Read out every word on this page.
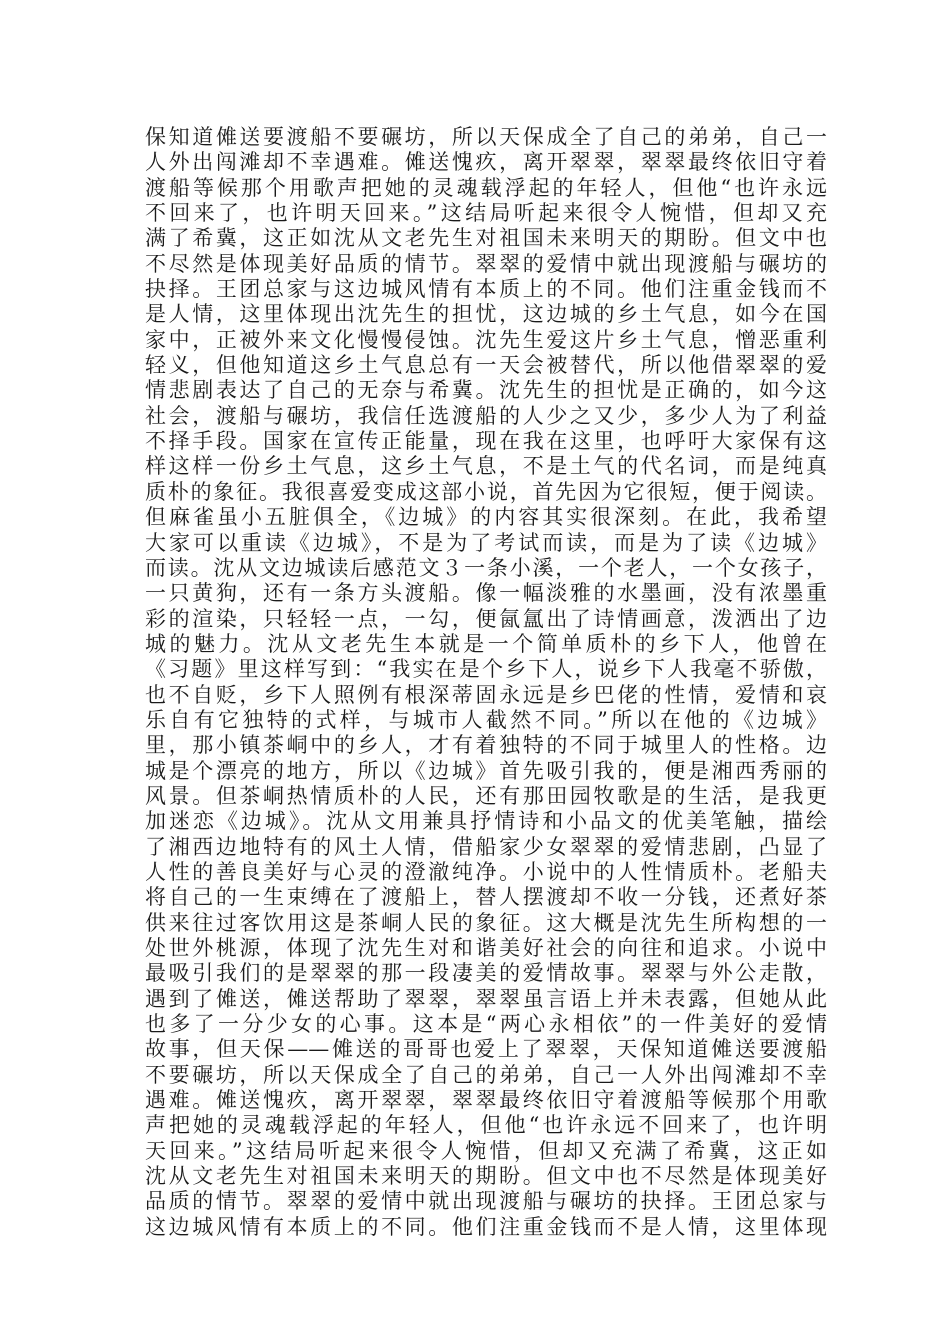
保知道傩送要渡船不要碾坊，所以天保成全了自己的弟弟，自己一
人外出闯滩却不幸遇难。傩送愧疚，离开翠翠，翠翠最终依旧守着
渡船等候那个用歌声把她的灵魂载浮起的年轻人，但他“也许永远
不回来了，也许明天回来。”这结局听起来很令人惋惜，但却又充
满了希冀，这正如沈从文老先生对祖国未来明天的期盼。但文中也
不尽然是体现美好品质的情节。翠翠的爱情中就出现渡船与碾坊的
抉择。王团总家与这边城风情有本质上的不同。他们注重金钱而不
是人情，这里体现出沈先生的担忧，这边城的乡土气息，如今在国
家中，正被外来文化慢慢侵蚀。沈先生爱这片乡土气息，憎恶重利
轻义，但他知道这乡土气息总有一天会被替代，所以他借翠翠的爱
情悲剧表达了自己的无奈与希冀。沈先生的担忧是正确的，如今这
社会，渡船与碾坊，我信任选渡船的人少之又少，多少人为了利益
不择手段。国家在宣传正能量，现在我在这里，也呼吁大家保有这
样这样一份乡土气息，这乡土气息，不是土气的代名词，而是纯真
质朴的象征。我很喜爱变成这部小说，首先因为它很短，便于阅读。
但麻雀虽小五脏俱全，《边城》的内容其实很深刻。在此，我希望
大家可以重读《边城》，不是为了考试而读，而是为了读《边城》
而读。沈从文边城读后感范文３一条小溪，一个老人，一个女孩子，
一只黄狗，还有一条方头渡船。像一幅淡雅的水墨画，没有浓墨重
彩的渲染，只轻轻一点，一勾，便氤氲出了诗情画意，泼洒出了边
城的魅力。沈从文老先生本就是一个简单质朴的乡下人，他曾在
《习题》里这样写到：“我实在是个乡下人，说乡下人我毫不骄傲，
也不自贬，乡下人照例有根深蒂固永远是乡巴佬的性情，爱情和哀
乐自有它独特的式样，与城市人截然不同。”所以在他的《边城》
里，那小镇茶峒中的乡人，才有着独特的不同于城里人的性格。边
城是个漂亮的地方，所以《边城》首先吸引我的，便是湘西秀丽的
风景。但茶峒热情质朴的人民，还有那田园牧歌是的生活，是我更
加迷恋《边城》。沈从文用兼具抒情诗和小品文的优美笔触，描绘
了湘西边地特有的风土人情，借船家少女翠翠的爱情悲剧，凸显了
人性的善良美好与心灵的澄澈纯净。小说中的人性情质朴。老船夫
将自己的一生束缚在了渡船上，替人摆渡却不收一分钱，还煮好茶
供来往过客饮用这是茶峒人民的象征。这大概是沈先生所构想的一
处世外桃源，体现了沈先生对和谐美好社会的向往和追求。小说中
最吸引我们的是翠翠的那一段凄美的爱情故事。翠翠与外公走散，
遇到了傩送，傩送帮助了翠翠，翠翠虽言语上并未表露，但她从此
也多了一分少女的心事。这本是“两心永相依”的一件美好的爱情
故事，但天保——傩送的哥哥也爱上了翠翠，天保知道傩送要渡船
不要碾坊，所以天保成全了自己的弟弟，自己一人外出闯滩却不幸
遇难。傩送愧疚，离开翠翠，翠翠最终依旧守着渡船等候那个用歌
声把她的灵魂载浮起的年轻人，但他“也许永远不回来了，也许明
天回来。”这结局听起来很令人惋惜，但却又充满了希冀，这正如
沈从文老先生对祖国未来明天的期盼。但文中也不尽然是体现美好
品质的情节。翠翠的爱情中就出现渡船与碾坊的抉择。王团总家与
这边城风情有本质上的不同。他们注重金钱而不是人情，这里体现
